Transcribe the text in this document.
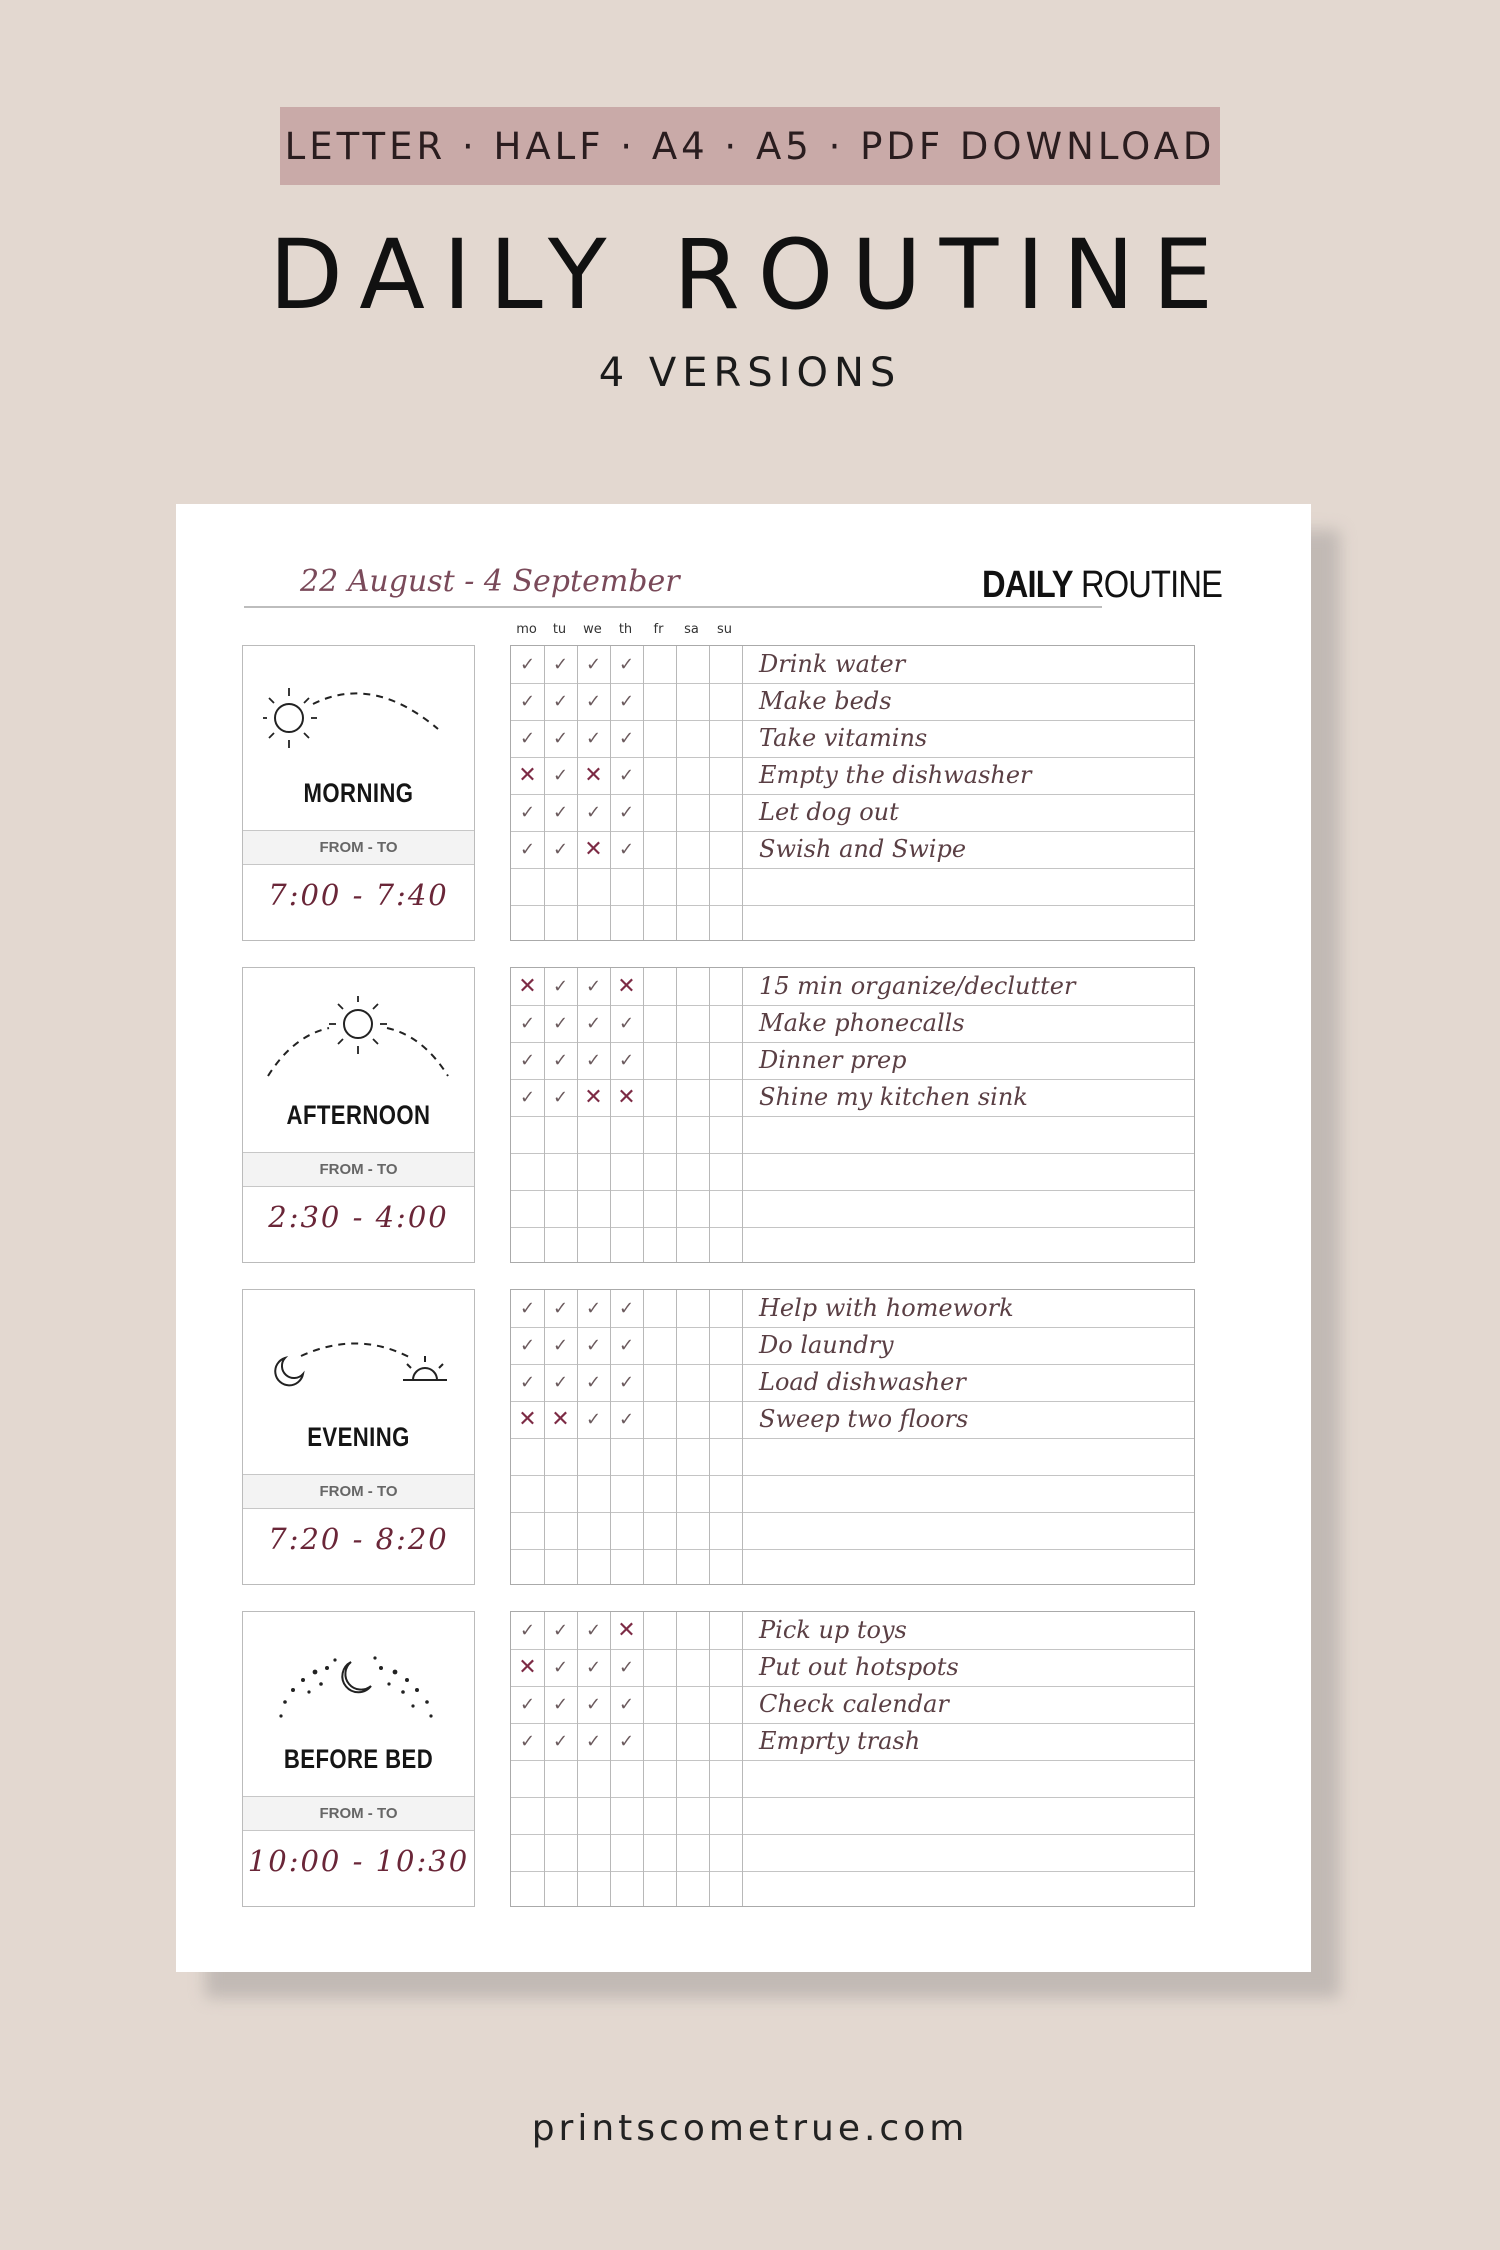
LETTER · HALF · A4 · A5 · PDF DOWNLOAD
DAILY ROUTINE
4 VERSIONS
22 August - 4 September	DAILY ROUTINE
mo	tu	we	th	fr	sa	su
MORNING
FROM - TO
7:00 - 7:40
✓ ✓ ✓ ✓	Drink water
✓ ✓ ✓ ✓	Make beds
✓ ✓ ✓ ✓	Take vitamins
✕ ✓ ✕ ✓	Empty the dishwasher
✓ ✓ ✓ ✓	Let dog out
✓ ✓ ✕ ✓	Swish and Swipe
AFTERNOON
FROM - TO
2:30 - 4:00
✕ ✓ ✓ ✕	15 min organize/declutter
✓ ✓ ✓ ✓	Make phonecalls
✓ ✓ ✓ ✓	Dinner prep
✓ ✓ ✕ ✕	Shine my kitchen sink
EVENING
FROM - TO
7:20 - 8:20
✓ ✓ ✓ ✓	Help with homework
✓ ✓ ✓ ✓	Do laundry
✓ ✓ ✓ ✓	Load dishwasher
✕ ✕ ✓ ✓	Sweep two floors
BEFORE BED
FROM - TO
10:00 - 10:30
✓ ✓ ✓ ✕	Pick up toys
✕ ✓ ✓ ✓	Put out hotspots
✓ ✓ ✓ ✓	Check calendar
✓ ✓ ✓ ✓	Emprty trash
printscometrue.com
